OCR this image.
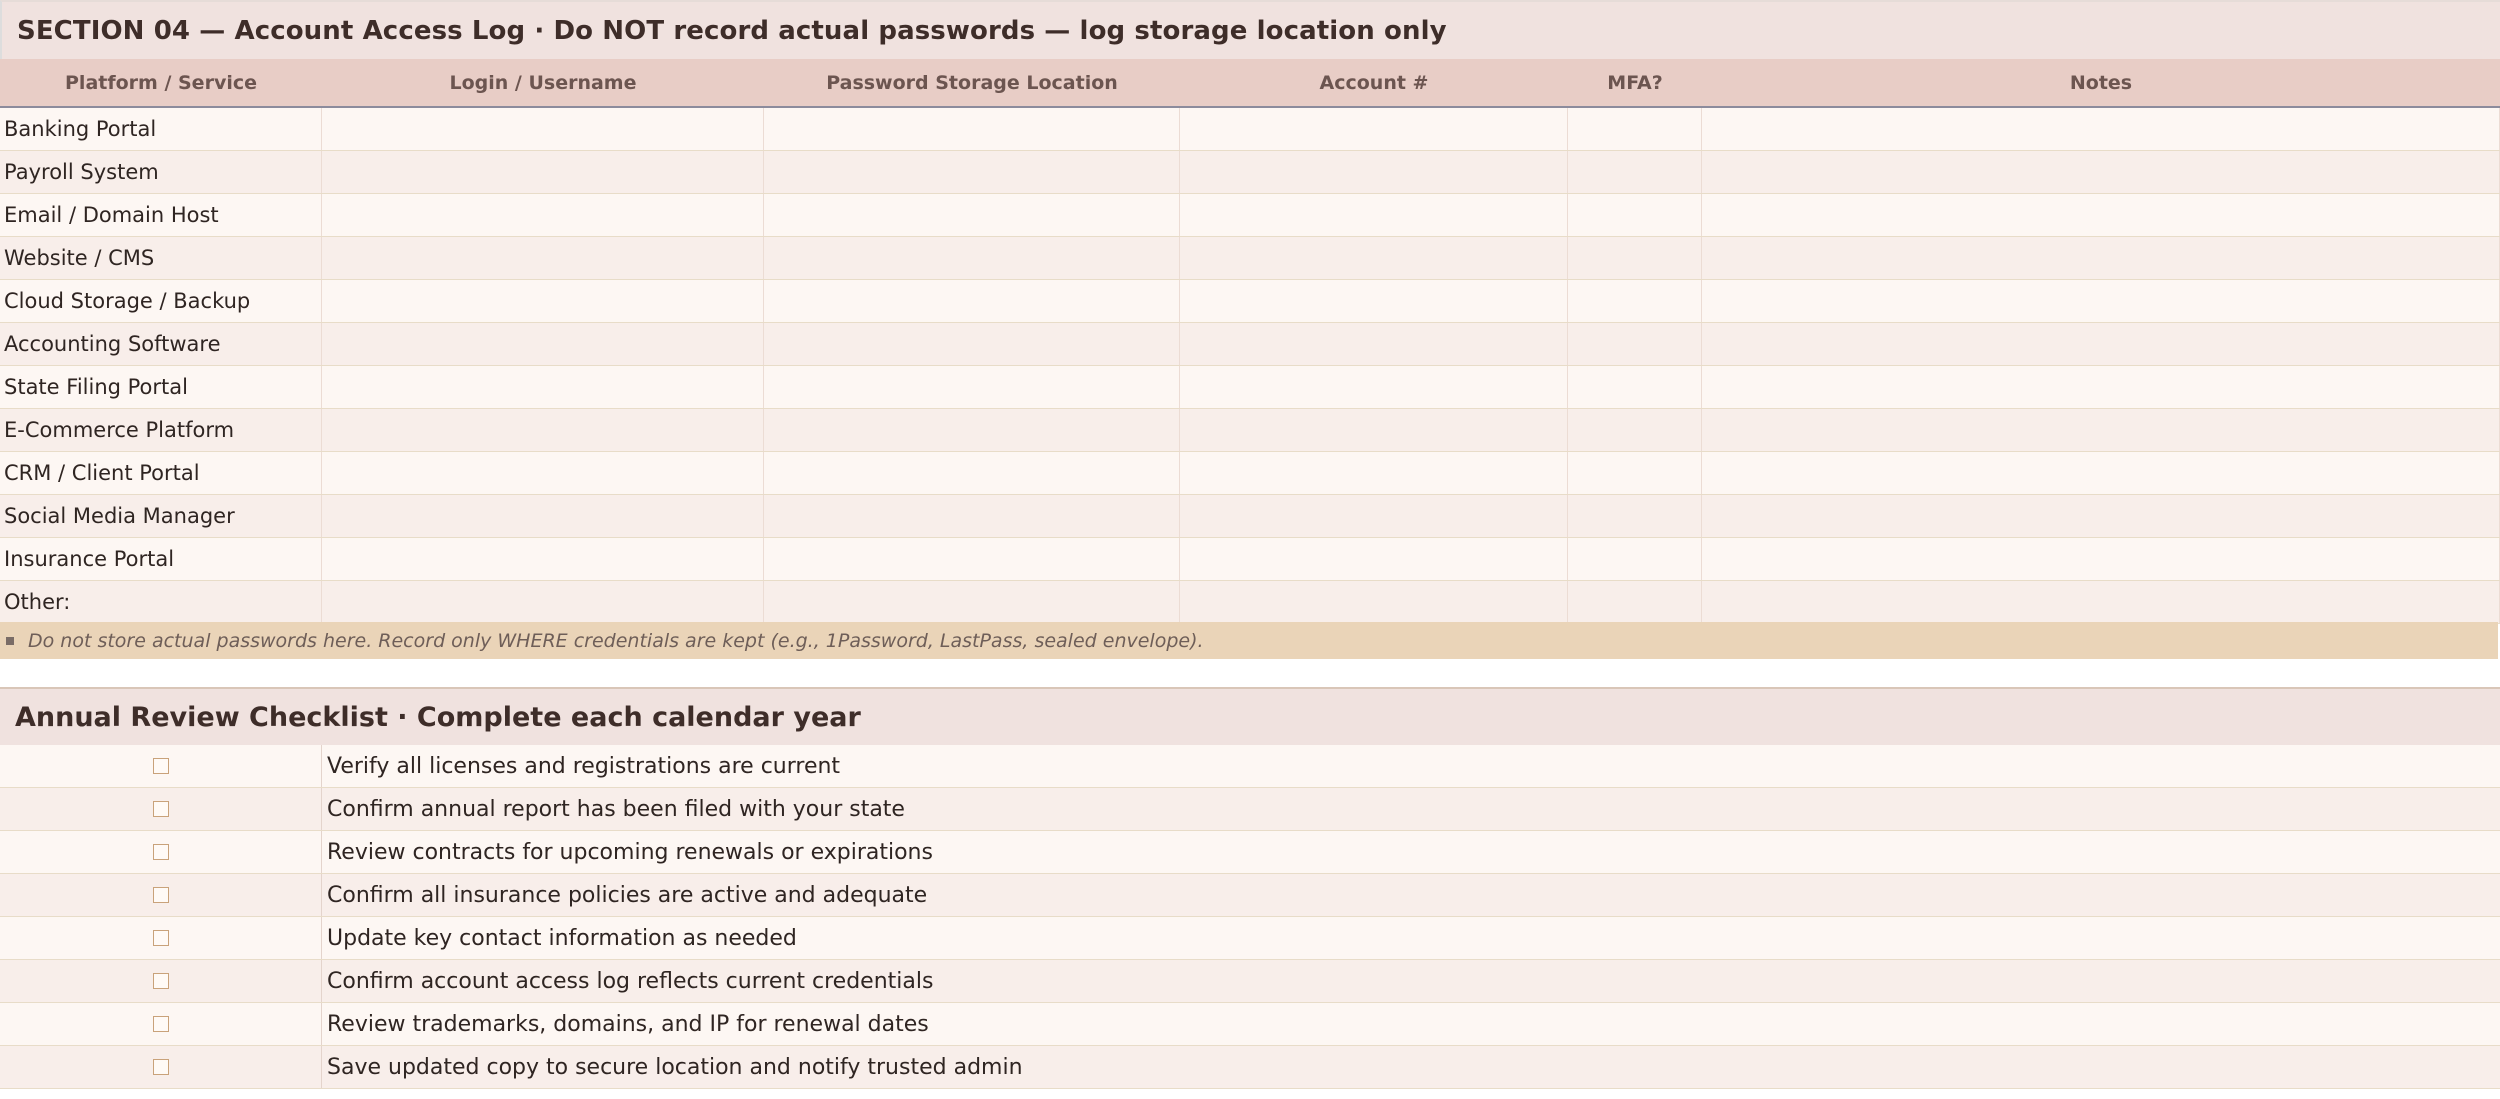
SECTION 04 — Account Access Log · Do NOT record actual passwords — log storage location only
Platform / Service	Login / Username	Password Storage Location	Account #	MFA?	Notes
Banking Portal
Payroll System
Email / Domain Host
Website / CMS
Cloud Storage / Backup
Accounting Software
State Filing Portal
E-Commerce Platform
CRM / Client Portal
Social Media Manager
Insurance Portal
Other:
Do not store actual passwords here. Record only WHERE credentials are kept (e.g., 1Password, LastPass, sealed envelope).
Annual Review Checklist · Complete each calendar year
Verify all licenses and registrations are current
Confirm annual report has been filed with your state
Review contracts for upcoming renewals or expirations
Confirm all insurance policies are active and adequate
Update key contact information as needed
Confirm account access log reflects current credentials
Review trademarks, domains, and IP for renewal dates
Save updated copy to secure location and notify trusted admin
